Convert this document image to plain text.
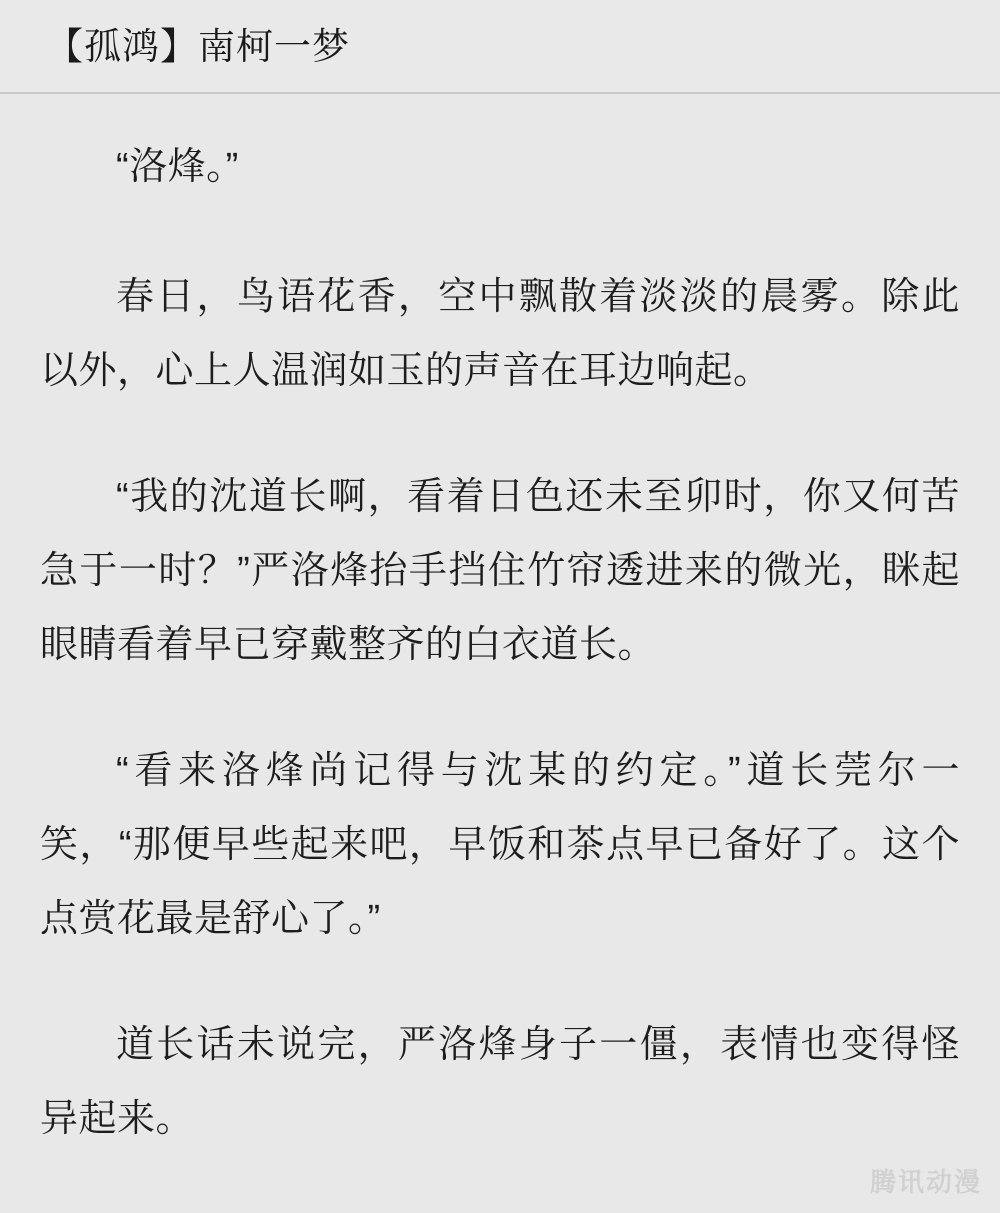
【孤鸿】南柯一梦

“洛烽。”

春日，鸟语花香，空中飘散着淡淡的晨雾。除此以外，心上人温润如玉的声音在耳边响起。

“我的沈道长啊，看着日色还未至卯时，你又何苦急于一时？”严洛烽抬手挡住竹帘透进来的微光，眯起眼睛看着早已穿戴整齐的白衣道长。

“看来洛烽尚记得与沈某的约定。”道长莞尔一笑，“那便早些起来吧，早饭和茶点早已备好了。这个点赏花最是舒心了。”

道长话未说完，严洛烽身子一僵，表情也变得怪异起来。

腾讯动漫
